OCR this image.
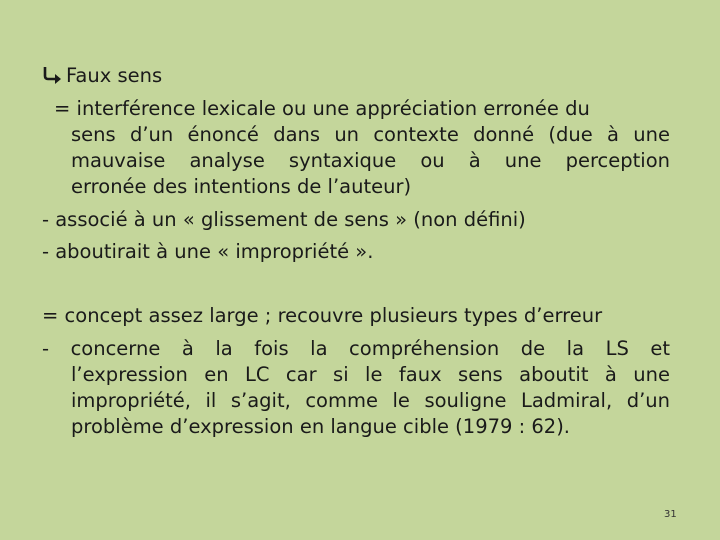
Faux sens
= interférence lexicale ou une appréciation erronée du
sens d’un énoncé dans un contexte donné (due à une
mauvaise analyse syntaxique ou à une perception
erronée des intentions de l’auteur)
- associé à un « glissement de sens » (non défini)
- aboutirait à une « impropriété ».
= concept assez large ; recouvre plusieurs types d’erreur
- concerne à la fois la compréhension de la LS et
l’expression en LC car si le faux sens aboutit à une
impropriété, il s’agit, comme le souligne Ladmiral, d’un
problème d’expression en langue cible (1979 : 62).
31
